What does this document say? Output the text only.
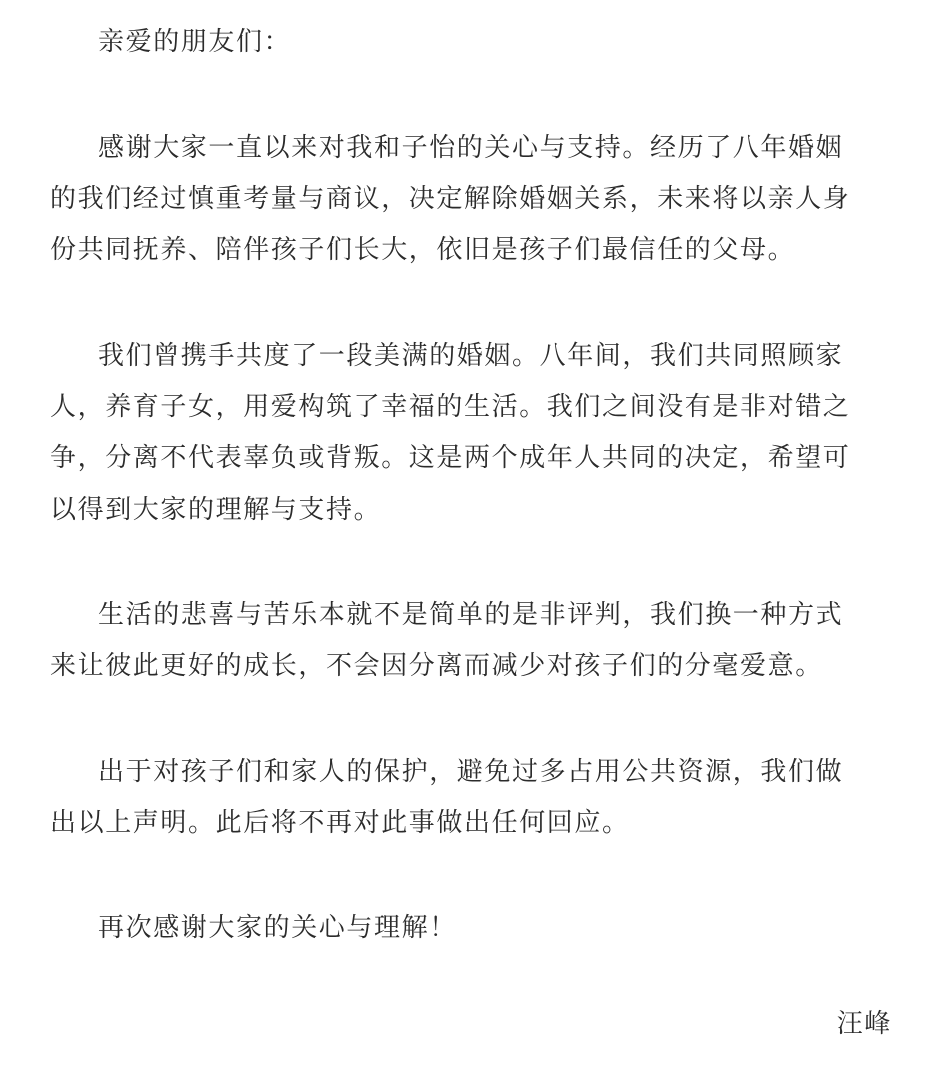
亲爱的朋友们：
感谢大家一直以来对我和子怡的关心与支持。经历了八年婚姻
的我们经过慎重考量与商议，决定解除婚姻关系，未来将以亲人身
份共同抚养、陪伴孩子们长大，依旧是孩子们最信任的父母。
我们曾携手共度了一段美满的婚姻。八年间，我们共同照顾家
人，养育子女，用爱构筑了幸福的生活。我们之间没有是非对错之
争，分离不代表辜负或背叛。这是两个成年人共同的决定，希望可
以得到大家的理解与支持。
生活的悲喜与苦乐本就不是简单的是非评判，我们换一种方式
来让彼此更好的成长，不会因分离而减少对孩子们的分毫爱意。
出于对孩子们和家人的保护，避免过多占用公共资源，我们做
出以上声明。此后将不再对此事做出任何回应。
再次感谢大家的关心与理解！
汪峰
